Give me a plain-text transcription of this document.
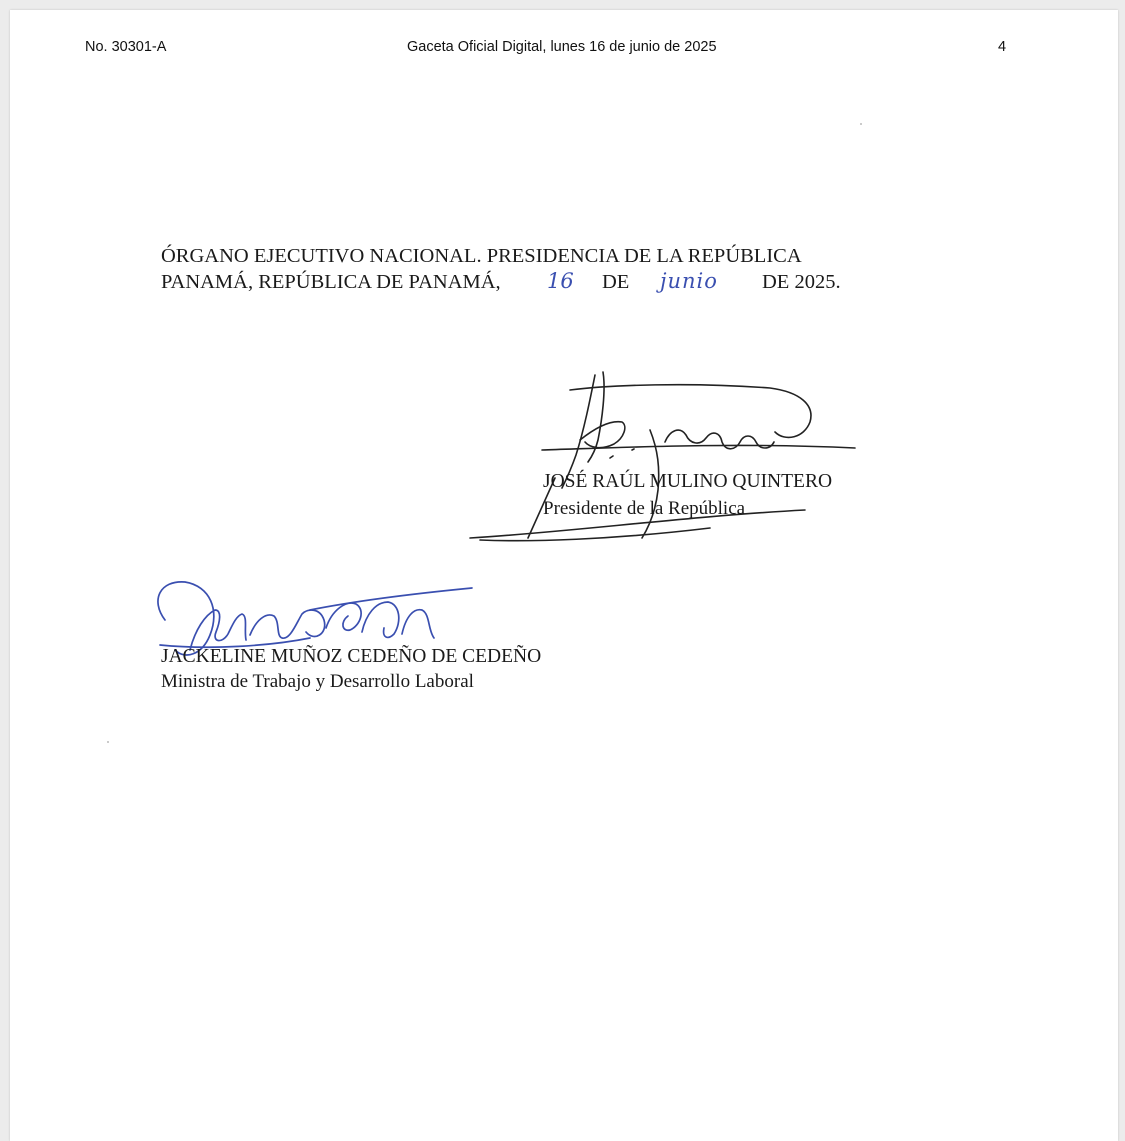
No. 30301-A	Gaceta Oficial Digital, lunes 16 de junio de 2025	4
ÓRGANO EJECUTIVO NACIONAL. PRESIDENCIA DE LA REPÚBLICA
PANAMÁ, REPÚBLICA DE PANAMÁ, 16 DE junio DE 2025.
JOSÉ RAÚL MULINO QUINTERO
Presidente de la República
JACKELINE MUÑOZ CEDEÑO DE CEDEÑO
Ministra de Trabajo y Desarrollo Laboral
